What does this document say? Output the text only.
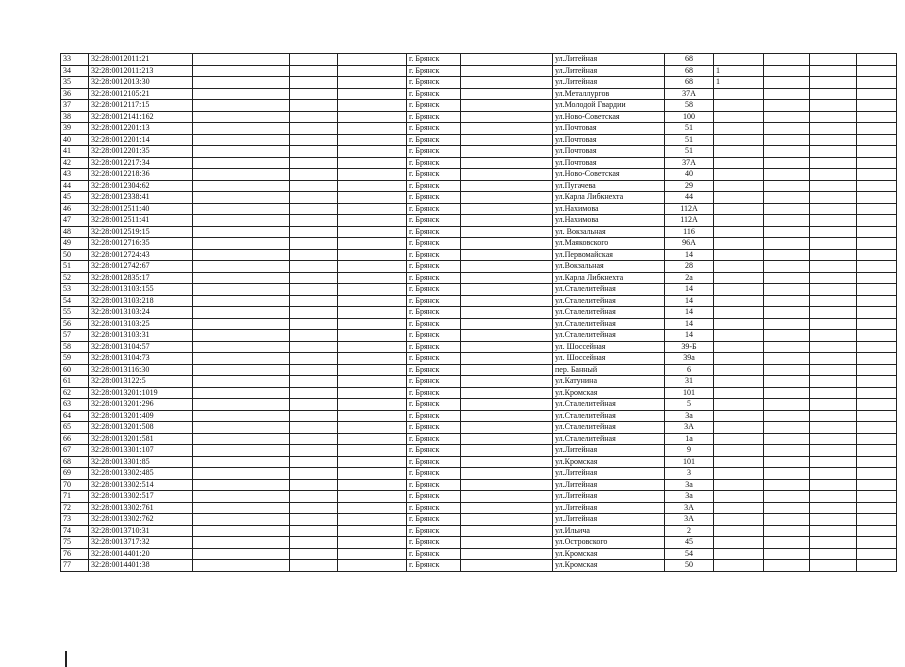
33	32:28:0012011:21				г. Брянск		ул.Литейная	68				
34	32:28:0012011:213				г. Брянск		ул.Литейная	68	1			
35	32:28:0012013:30				г. Брянск		ул.Литейная	68	1			
36	32:28:0012105:21				г. Брянск		ул.Металлургов	37А				
37	32:28:0012117:15				г. Брянск		ул.Молодой Гвардии	58				
38	32:28:0012141:162				г. Брянск		ул.Ново-Советская	100				
39	32:28:0012201:13				г. Брянск		ул.Почтовая	51				
40	32:28:0012201:14				г. Брянск		ул.Почтовая	51				
41	32:28:0012201:35				г. Брянск		ул.Почтовая	51				
42	32:28:0012217:34				г. Брянск		ул.Почтовая	37А				
43	32:28:0012218:36				г. Брянск		ул.Ново-Советская	40				
44	32:28:0012304:62				г. Брянск		ул.Пугачева	29				
45	32:28:0012338:41				г. Брянск		ул.Карла Либкнехта	44				
46	32:28:0012511:40				г. Брянск		ул.Нахимова	112А				
47	32:28:0012511:41				г. Брянск		ул.Нахимова	112А				
48	32:28:0012519:15				г. Брянск		ул. Вокзальная	116				
49	32:28:0012716:35				г. Брянск		ул.Маяковского	96А				
50	32:28:0012724:43				г. Брянск		ул.Первомайская	14				
51	32:28:0012742:67				г. Брянск		ул.Вокзальная	28				
52	32:28:0012835:17				г. Брянск		ул.Карла Либкнехта	2а				
53	32:28:0013103:155				г. Брянск		ул.Сталелитейная	14				
54	32:28:0013103:218				г. Брянск		ул.Сталелитейная	14				
55	32:28:0013103:24				г. Брянск		ул.Сталелитейная	14				
56	32:28:0013103:25				г. Брянск		ул.Сталелитейная	14				
57	32:28:0013103:31				г. Брянск		ул.Сталелитейная	14				
58	32:28:0013104:57				г. Брянск		ул. Шоссейная	39-Б				
59	32:28:0013104:73				г. Брянск		ул. Шоссейная	39а				
60	32:28:0013116:30				г. Брянск		пер. Банный	6				
61	32:28:0013122:5				г. Брянск		ул.Катунина	31				
62	32:28:0013201:1019				г. Брянск		ул.Кромская	101				
63	32:28:0013201:296				г. Брянск		ул.Сталелитейная	5				
64	32:28:0013201:409				г. Брянск		ул.Сталелитейная	3а				
65	32:28:0013201:508				г. Брянск		ул.Сталелитейная	3А				
66	32:28:0013201:581				г. Брянск		ул.Сталелитейная	1а				
67	32:28:0013301:107				г. Брянск		ул.Литейная	9				
68	32:28:0013301:85				г. Брянск		ул.Кромская	101				
69	32:28:0013302:485				г. Брянск		ул.Литейная	3				
70	32:28:0013302:514				г. Брянск		ул.Литейная	3а				
71	32:28:0013302:517				г. Брянск		ул.Литейная	3а				
72	32:28:0013302:761				г. Брянск		ул.Литейная	3А				
73	32:28:0013302:762				г. Брянск		ул.Литейная	3А				
74	32:28:0013710:31				г. Брянск		ул.Ильича	2				
75	32:28:0013717:32				г. Брянск		ул.Островского	45				
76	32:28:0014401:20				г. Брянск		ул.Кромская	54				
77	32:28:0014401:38				г. Брянск		ул.Кромская	50				
